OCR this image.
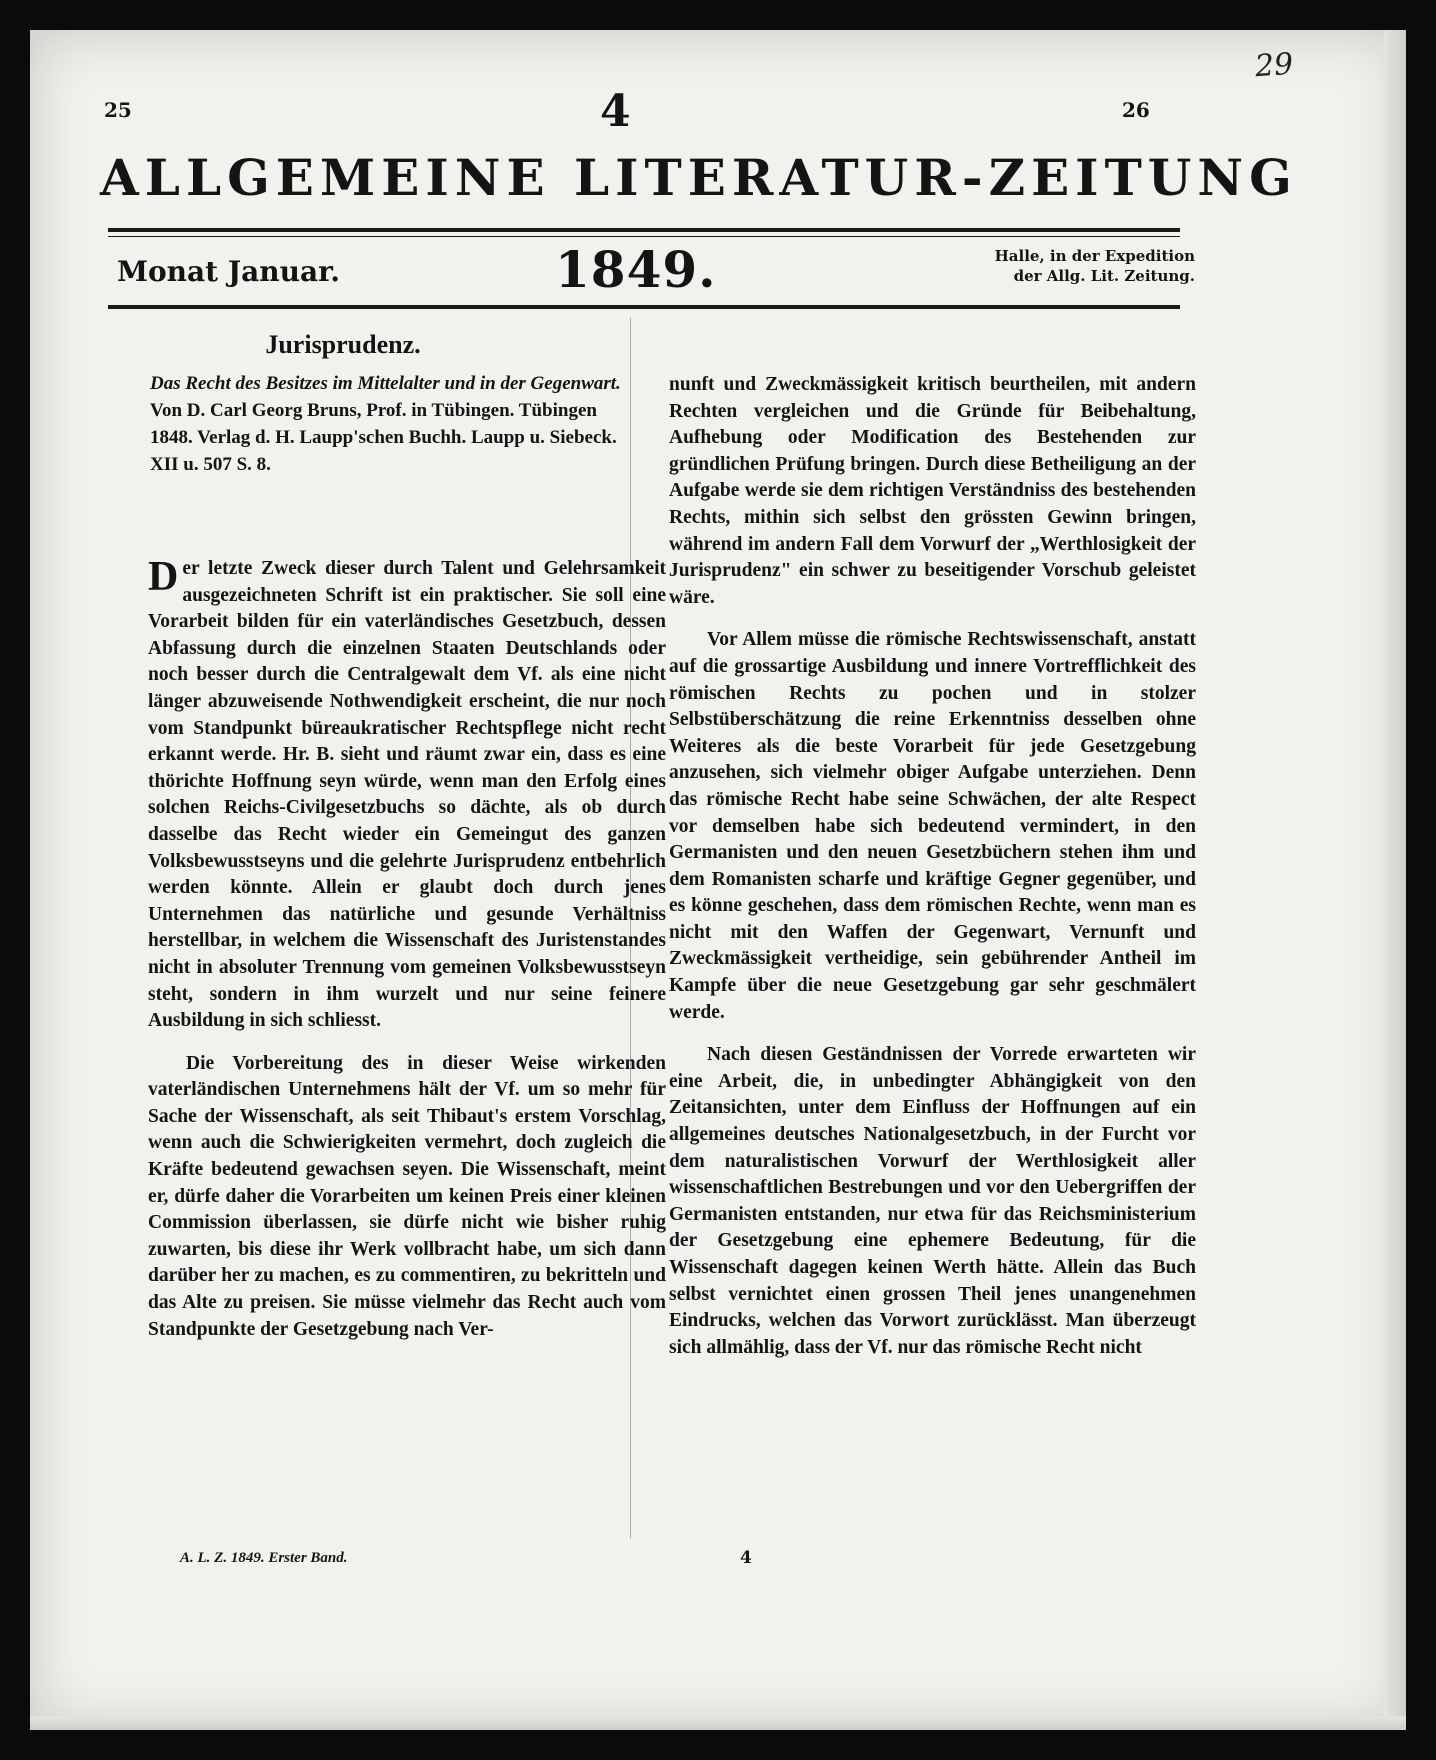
29
25	4	26
ALLGEMEINE LITERATUR-ZEITUNG
Monat Januar.	1849.	Halle, in der Expedition
der Allg. Lit. Zeitung.
Jurisprudenz.
Das Recht des Besitzes im Mittelalter und in der Gegenwart. Von D. Carl Georg Bruns, Prof. in Tübingen. Tübingen 1848. Verlag d. H. Laupp'schen Buchh. Laupp u. Siebeck. XII u. 507 S. 8.

Der letzte Zweck dieser durch Talent und Gelehrsamkeit ausgezeichneten Schrift ist ein praktischer. Sie soll eine Vorarbeit bilden für ein vaterländisches Gesetzbuch, dessen Abfassung durch die einzelnen Staaten Deutschlands oder noch besser durch die Centralgewalt dem Vf. als eine nicht länger abzuweisende Nothwendigkeit erscheint, die nur noch vom Standpunkt büreaukratischer Rechtspflege nicht recht erkannt werde. Hr. B. sieht und räumt zwar ein, dass es eine thörichte Hoffnung seyn würde, wenn man den Erfolg eines solchen Reichs-Civilgesetzbuchs so dächte, als ob durch dasselbe das Recht wieder ein Gemeingut des ganzen Volksbewusstseyns und die gelehrte Jurisprudenz entbehrlich werden könnte. Allein er glaubt doch durch jenes Unternehmen das natürliche und gesunde Verhältniss herstellbar, in welchem die Wissenschaft des Juristenstandes nicht in absoluter Trennung vom gemeinen Volksbewusstseyn steht, sondern in ihm wurzelt und nur seine feinere Ausbildung in sich schliesst.

Die Vorbereitung des in dieser Weise wirkenden vaterländischen Unternehmens hält der Vf. um so mehr für Sache der Wissenschaft, als seit Thibaut's erstem Vorschlag, wenn auch die Schwierigkeiten vermehrt, doch zugleich die Kräfte bedeutend gewachsen seyen. Die Wissenschaft, meint er, dürfe daher die Vorarbeiten um keinen Preis einer kleinen Commission überlassen, sie dürfe nicht wie bisher ruhig zuwarten, bis diese ihr Werk vollbracht habe, um sich dann darüber her zu machen, es zu commentiren, zu bekritteln und das Alte zu preisen. Sie müsse vielmehr das Recht auch vom Standpunkte der Gesetzgebung nach Ver-

nunft und Zweckmässigkeit kritisch beurtheilen, mit andern Rechten vergleichen und die Gründe für Beibehaltung, Aufhebung oder Modification des Bestehenden zur gründlichen Prüfung bringen. Durch diese Betheiligung an der Aufgabe werde sie dem richtigen Verständniss des bestehenden Rechts, mithin sich selbst den grössten Gewinn bringen, während im andern Fall dem Vorwurf der „Werthlosigkeit der Jurisprudenz" ein schwer zu beseitigender Vorschub geleistet wäre.

Vor Allem müsse die römische Rechtswissenschaft, anstatt auf die grossartige Ausbildung und innere Vortrefflichkeit des römischen Rechts zu pochen und in stolzer Selbstüberschätzung die reine Erkenntniss desselben ohne Weiteres als die beste Vorarbeit für jede Gesetzgebung anzusehen, sich vielmehr obiger Aufgabe unterziehen. Denn das römische Recht habe seine Schwächen, der alte Respect vor demselben habe sich bedeutend vermindert, in den Germanisten und den neuen Gesetzbüchern stehen ihm und dem Romanisten scharfe und kräftige Gegner gegenüber, und es könne geschehen, dass dem römischen Rechte, wenn man es nicht mit den Waffen der Gegenwart, Vernunft und Zweckmässigkeit vertheidige, sein gebührender Antheil im Kampfe über die neue Gesetzgebung gar sehr geschmälert werde.

Nach diesen Geständnissen der Vorrede erwarteten wir eine Arbeit, die, in unbedingter Abhängigkeit von den Zeitansichten, unter dem Einfluss der Hoffnungen auf ein allgemeines deutsches Nationalgesetzbuch, in der Furcht vor dem naturalistischen Vorwurf der Werthlosigkeit aller wissenschaftlichen Bestrebungen und vor den Uebergriffen der Germanisten entstanden, nur etwa für das Reichsministerium der Gesetzgebung eine ephemere Bedeutung, für die Wissenschaft dagegen keinen Werth hätte. Allein das Buch selbst vernichtet einen grossen Theil jenes unangenehmen Eindrucks, welchen das Vorwort zurücklässt. Man überzeugt sich allmählig, dass der Vf. nur das römische Recht nicht

A. L. Z. 1849. Erster Band.	4
